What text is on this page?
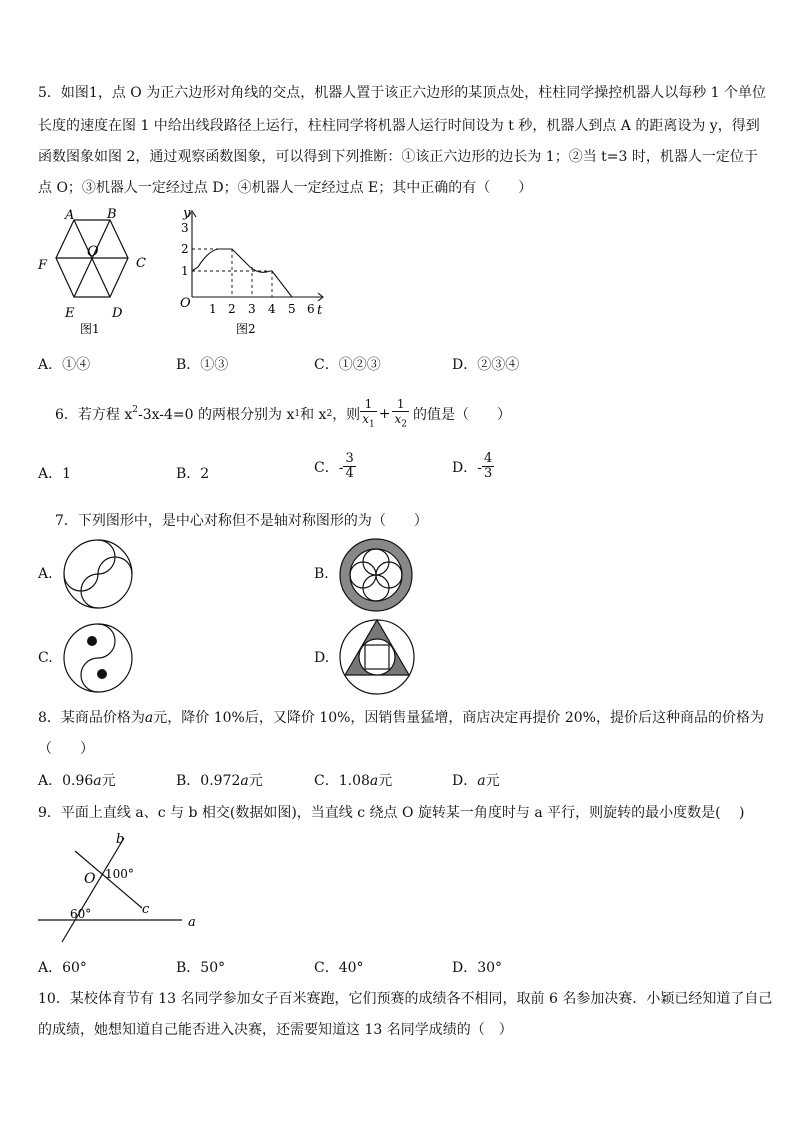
5．如图1，点 O 为正六边形对角线的交点，机器人置于该正六边形的某顶点处，柱柱同学操控机器人以每秒 1 个单位
长度的速度在图 1 中给出线段路径上运行，柱柱同学将机器人运行时间设为 t 秒，机器人到点 A 的距离设为 y，得到
函数图象如图 2，通过观察函数图象，可以得到下列推断：①该正六边形的边长为 1；②当 t=3 时，机器人一定位于
点 O；③机器人一定经过点 D；④机器人一定经过点 E；其中正确的有（　　）
A	B
C
D
E
F
O
图1
y
t
O
1
2
3
1 2 3 4 5 6
图2
A．①④	B．①③	C．①②③	D．②③④
6．若方程 $x^2$ -3x-4=0 的两根分别为 x 1 和 x 2 ，则 $\frac{1}{x_1} + \frac{1}{x_2}$ 的值是（　　）
A．1	B．2	C．- $\frac{3}{4}$	D．- $\frac{4}{3}$
7．下列图形中，是中心对称但不是轴对称图形的为（　　）
A.	B.
C.	D.
8．某商品价格为a元，降价 10%后，又降价 10%，因销售量猛增，商店决定再提价 20%，提价后这种商品的价格为
（　　）
A．0.96a元	B．0.972a元	C．1.08a元	D．a元
9．平面上直线 a、c 与 b 相交(数据如图)，当直线 c 绕点 O 旋转某一角度时与 a 平行，则旋转的最小度数是(　 )
b
O 100°
c
60°
a
A．60°	B．50°	C．40°	D．30°
10．某校体育节有 13 名同学参加女子百米赛跑，它们预赛的成绩各不相同，取前 6 名参加决赛．小颖已经知道了自己
的成绩，她想知道自己能否进入决赛，还需要知道这 13 名同学成绩的（　）
